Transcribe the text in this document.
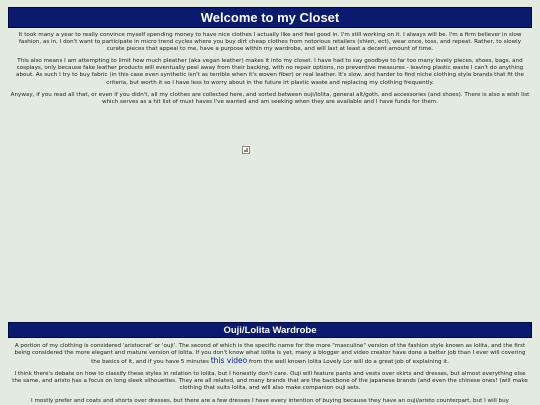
Welcome to my Closet

It took many a year to really convince myself spending money to have nice clothes I actually like and feel good in. I'm still working on it. I always will be. I'm a firm believer in slow fashion, as in, I don't want to participate in micro trend cycles where you buy dirt cheap clothes from notorious retailers (shien, ect), wear once, toss, and repeat. Rather, to slowly curate pieces that appeal to me, have a purpose within my wardrobe, and will last at least a decent amount of time.

This also means I am attempting to limit how much pleather (aka vegan leather) makes it into my closet. I have had to say goodbye to far too many lovely pieces, shoes, bags, and cosplays, only because fake leather products will eventually peel away from their backing, with no repair options, no preventive measures - leaving plastic waste I can't do anything about. As such I try to buy fabric (in this case even synthetic isn't as terrible when it's woven fiber) or real leather. It's slow, and harder to find niche clothing style brands that fit the criteria, but worth it so I have less to worry about in the future irt plastic waste and replacing my clothing frequently.

Anyway, if you read all that, or even if you didn't, all my clothes are collected here, and sorted between ouji/lolita, general alt/goth, and accessories (and shoes). There is also a wish list which serves as a hit list of must haves I've wanted and am seeking when they are available and I have funds for them.

Ouji/Lolita Wardrobe

A portion of my clothing is considered 'aristocrat' or 'ouji'. The second of which is the specific name for the more "masculine" version of the fashion style known as lolita, and the first being considered the more elegant and mature version of lolita. If you don't know what lolita is yet, many a blogger and video creator have done a better job than I ever will covering the basics of it, and if you have 5 minutes this video from the well known lolita Lovely Lor will do a great job of explaining it.

I think there's debate on how to classify these styles in relation to lolita, but I honestly don't care. Ouji will feature pants and vests over skirts and dresses, but almost everything else the same, and aristo has a focus on long sleek silhouettes. They are all related, and many brands that are the backbone of the japanese brands (and even the chinese ones! )will make clothing that suits lolita, and will also make companion ouji sets.

I mostly prefer and coats and shorts over dresses, but there are a few dresses I have every intention of buying because they have an ouji/aristo counterpart, but I will buy
